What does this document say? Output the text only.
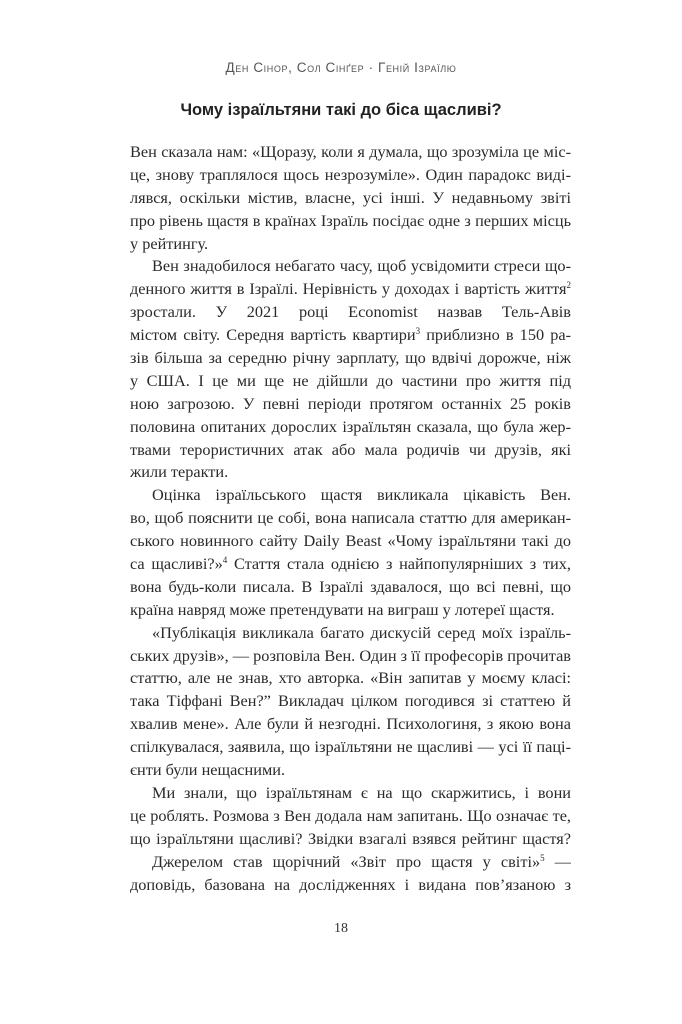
Ден Сінор, Сол Сінґер · Геній Ізраїлю
Чому ізраїльтяни такі до біса щасливі?
Вен сказала нам: «Щоразу, коли я думала, що зрозуміла це міс-
це, знову траплялося щось незрозуміле». Один парадокс виді-
лявся, оскільки містив, власне, усі інші. У недавньому звіті
про рівень щастя в країнах Ізраїль посідає одне з перших місць
у рейтингу.
Вен знадобилося небагато часу, щоб усвідомити стреси що-
денного життя в Ізраїлі. Нерівність у доходах і вартість життя$^2$
зростали. У 2021 році Economist назвав Тель-Авів
містом світу. Середня вартість квартири$^3$ приблизно в 150 ра-
зів більша за середню річну зарплату, що вдвічі дорожче, ніж
у США. І це ми ще не дійшли до частини про життя під
ною загрозою. У певні періоди протягом останніх 25 років
половина опитаних дорослих ізраїльтян сказала, що була жер-
твами терористичних атак або мала родичів чи друзів, які
жили теракти.
Оцінка ізраїльського щастя викликала цікавість Вен.
во, щоб пояснити це собі, вона написала статтю для американ-
ського новинного сайту Daily Beast «Чому ізраїльтяни такі до
са щасливі?»$^4$ Стаття стала однією з найпопулярніших з тих,
вона будь-коли писала. В Ізраїлі здавалося, що всі певні, що
країна навряд може претендувати на виграш у лотереї щастя.
«Публікація викликала багато дискусій серед моїх ізраїль-
ських друзів», — розповіла Вен. Один з її професорів прочитав
статтю, але не знав, хто авторка. «Він запитав у моєму класі:
така Тіффані Вен?” Викладач цілком погодився зі статтею й
хвалив мене». Але були й незгодні. Психологиня, з якою вона
спілкувалася, заявила, що ізраїльтяни не щасливі — усі її паці-
єнти були нещасними.
Ми знали, що ізраїльтянам є на що скаржитись, і вони
це роблять. Розмова з Вен додала нам запитань. Що означає те,
що ізраїльтяни щасливі? Звідки взагалі взявся рейтинг щастя?
Джерелом став щорічний «Звіт про щастя у світі»$^5$ —
доповідь, базована на дослідженнях і видана пов’язаною з
18
